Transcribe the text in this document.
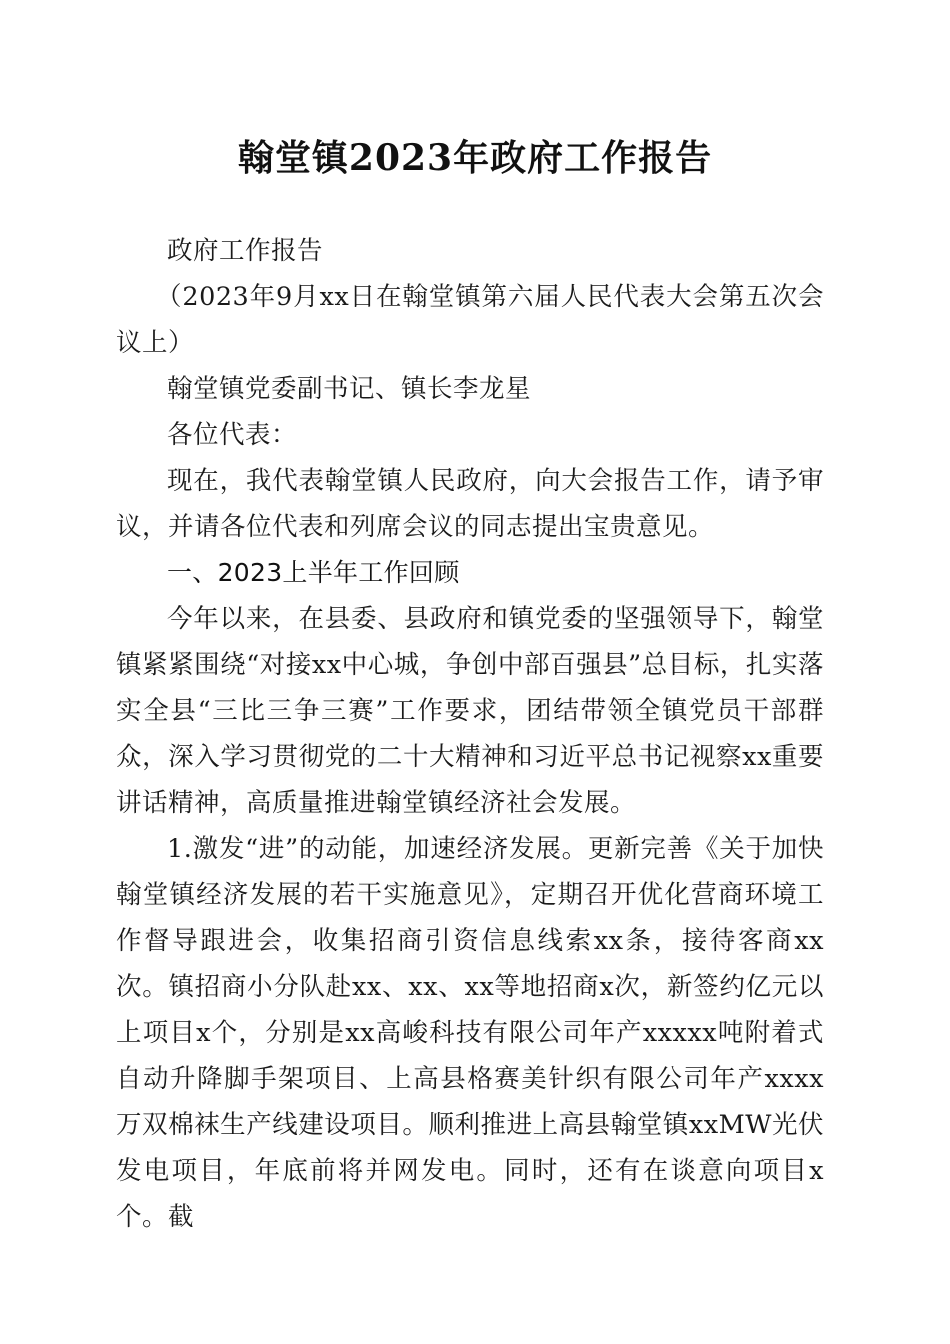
翰堂镇2023年政府工作报告

政府工作报告

（2023年9月xx日在翰堂镇第六届人民代表大会第五次会议上）

翰堂镇党委副书记、镇长李龙星

各位代表：

现在，我代表翰堂镇人民政府，向大会报告工作，请予审议，并请各位代表和列席会议的同志提出宝贵意见。

一、2023上半年工作回顾

今年以来，在县委、县政府和镇党委的坚强领导下，翰堂镇紧紧围绕“对接xx中心城，争创中部百强县”总目标，扎实落实全县“三比三争三赛”工作要求，团结带领全镇党员干部群众，深入学习贯彻党的二十大精神和习近平总书记视察xx重要讲话精神，高质量推进翰堂镇经济社会发展。

1.激发“进”的动能，加速经济发展。更新完善《关于加快翰堂镇经济发展的若干实施意见》，定期召开优化营商环境工作督导跟进会，收集招商引资信息线索xx条，接待客商xx次。镇招商小分队赴xx、xx、xx等地招商x次，新签约亿元以上项目x个，分别是xx高峻科技有限公司年产xxxxx吨附着式自动升降脚手架项目、上高县格赛美针织有限公司年产xxxx万双棉袜生产线建设项目。顺利推进上高县翰堂镇xxMW光伏发电项目，年底前将并网发电。同时，还有在谈意向项目x个。截
